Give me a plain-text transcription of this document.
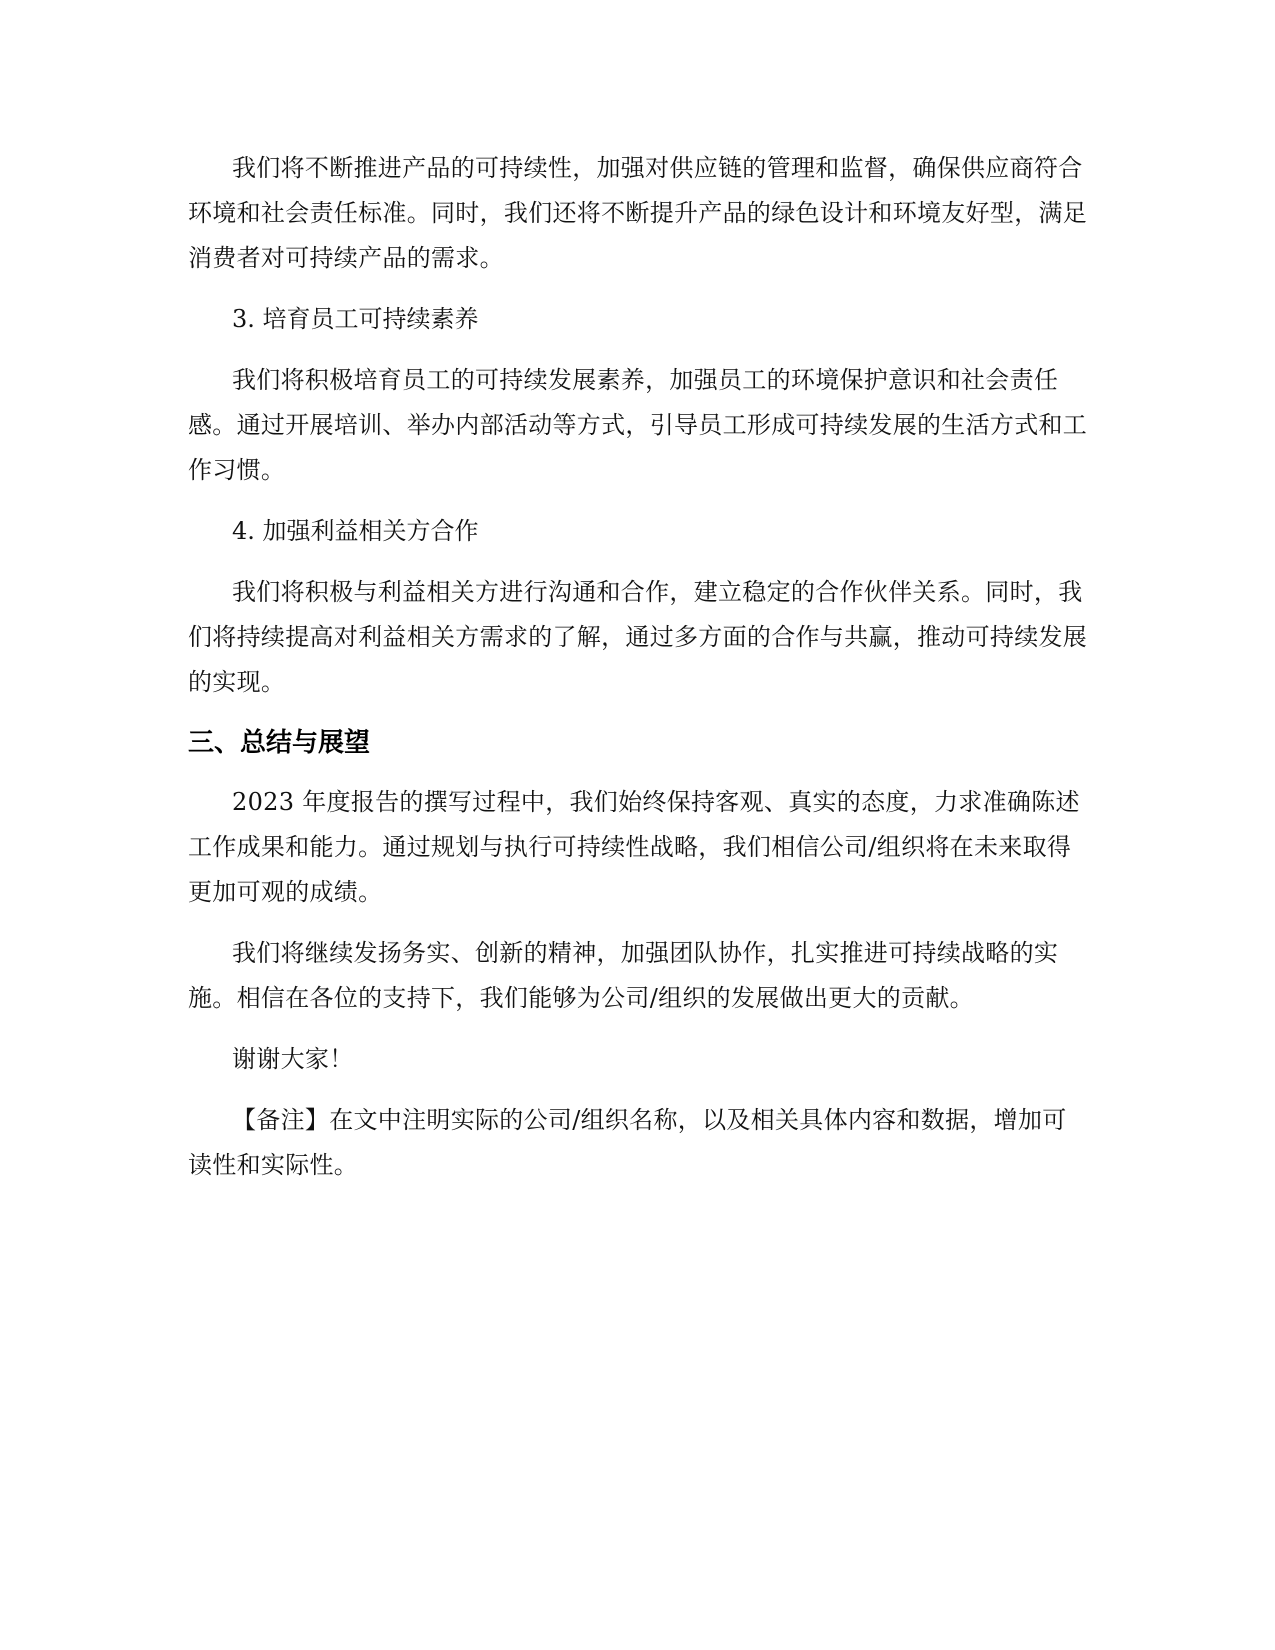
我们将不断推进产品的可持续性，加强对供应链的管理和监督，确保供应商符合环境和社会责任标准。同时，我们还将不断提升产品的绿色设计和环境友好型，满足消费者对可持续产品的需求。

3. 培育员工可持续素养

我们将积极培育员工的可持续发展素养，加强员工的环境保护意识和社会责任感。通过开展培训、举办内部活动等方式，引导员工形成可持续发展的生活方式和工作习惯。

4. 加强利益相关方合作

我们将积极与利益相关方进行沟通和合作，建立稳定的合作伙伴关系。同时，我们将持续提高对利益相关方需求的了解，通过多方面的合作与共赢，推动可持续发展的实现。

三、总结与展望

2023 年度报告的撰写过程中，我们始终保持客观、真实的态度，力求准确陈述工作成果和能力。通过规划与执行可持续性战略，我们相信公司/组织将在未来取得更加可观的成绩。

我们将继续发扬务实、创新的精神，加强团队协作，扎实推进可持续战略的实施。相信在各位的支持下，我们能够为公司/组织的发展做出更大的贡献。

谢谢大家！

【备注】在文中注明实际的公司/组织名称，以及相关具体内容和数据，增加可读性和实际性。
